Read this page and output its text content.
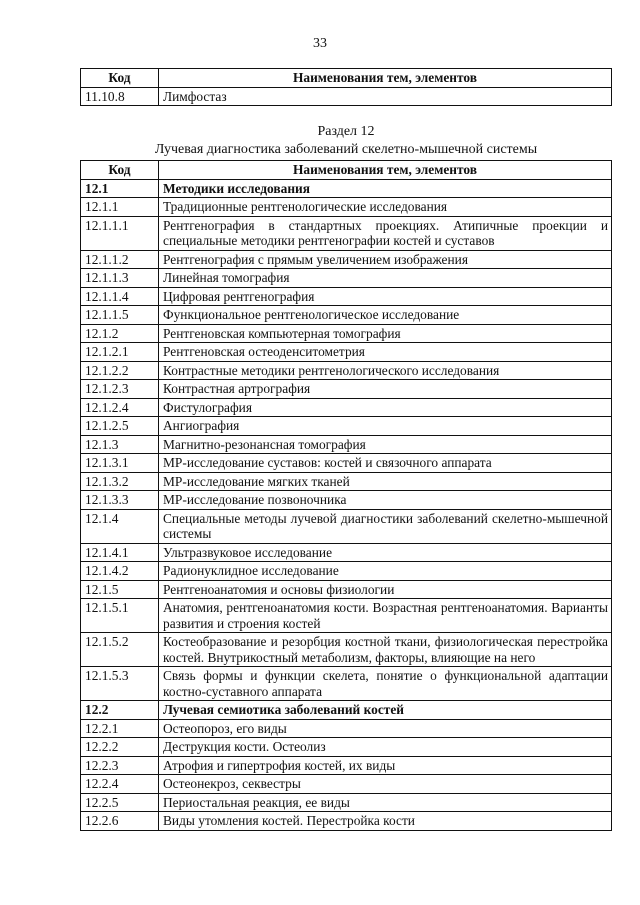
33
Код	Наименования тем, элементов
11.10.8	Лимфостаз
Раздел 12
Лучевая диагностика заболеваний скелетно-мышечной системы
Код	Наименования тем, элементов
12.1	Методики исследования
12.1.1	Традиционные рентгенологические исследования
12.1.1.1	Рентгенография в стандартных проекциях. Атипичные проекции и специальные методики рентгенографии костей и суставов
12.1.1.2	Рентгенография с прямым увеличением изображения
12.1.1.3	Линейная томография
12.1.1.4	Цифровая рентгенография
12.1.1.5	Функциональное рентгенологическое исследование
12.1.2	Рентгеновская компьютерная томография
12.1.2.1	Рентгеновская остеоденситометрия
12.1.2.2	Контрастные методики рентгенологического исследования
12.1.2.3	Контрастная артрография
12.1.2.4	Фистулография
12.1.2.5	Ангиография
12.1.3	Магнитно-резонансная томография
12.1.3.1	МР-исследование суставов: костей и связочного аппарата
12.1.3.2	МР-исследование мягких тканей
12.1.3.3	МР-исследование позвоночника
12.1.4	Специальные методы лучевой диагностики заболеваний скелетно-мышечной системы
12.1.4.1	Ультразвуковое исследование
12.1.4.2	Радионуклидное исследование
12.1.5	Рентгеноанатомия и основы физиологии
12.1.5.1	Анатомия, рентгеноанатомия кости. Возрастная рентгеноанатомия. Варианты развития и строения костей
12.1.5.2	Костеобразование и резорбция костной ткани, физиологическая перестройка костей. Внутрикостный метаболизм, факторы, влияющие на него
12.1.5.3	Связь формы и функции скелета, понятие о функциональной адаптации костно-суставного аппарата
12.2	Лучевая семиотика заболеваний костей
12.2.1	Остеопороз, его виды
12.2.2	Деструкция кости. Остеолиз
12.2.3	Атрофия и гипертрофия костей, их виды
12.2.4	Остеонекроз, секвестры
12.2.5	Периостальная реакция, ее виды
12.2.6	Виды утомления костей. Перестройка кости
